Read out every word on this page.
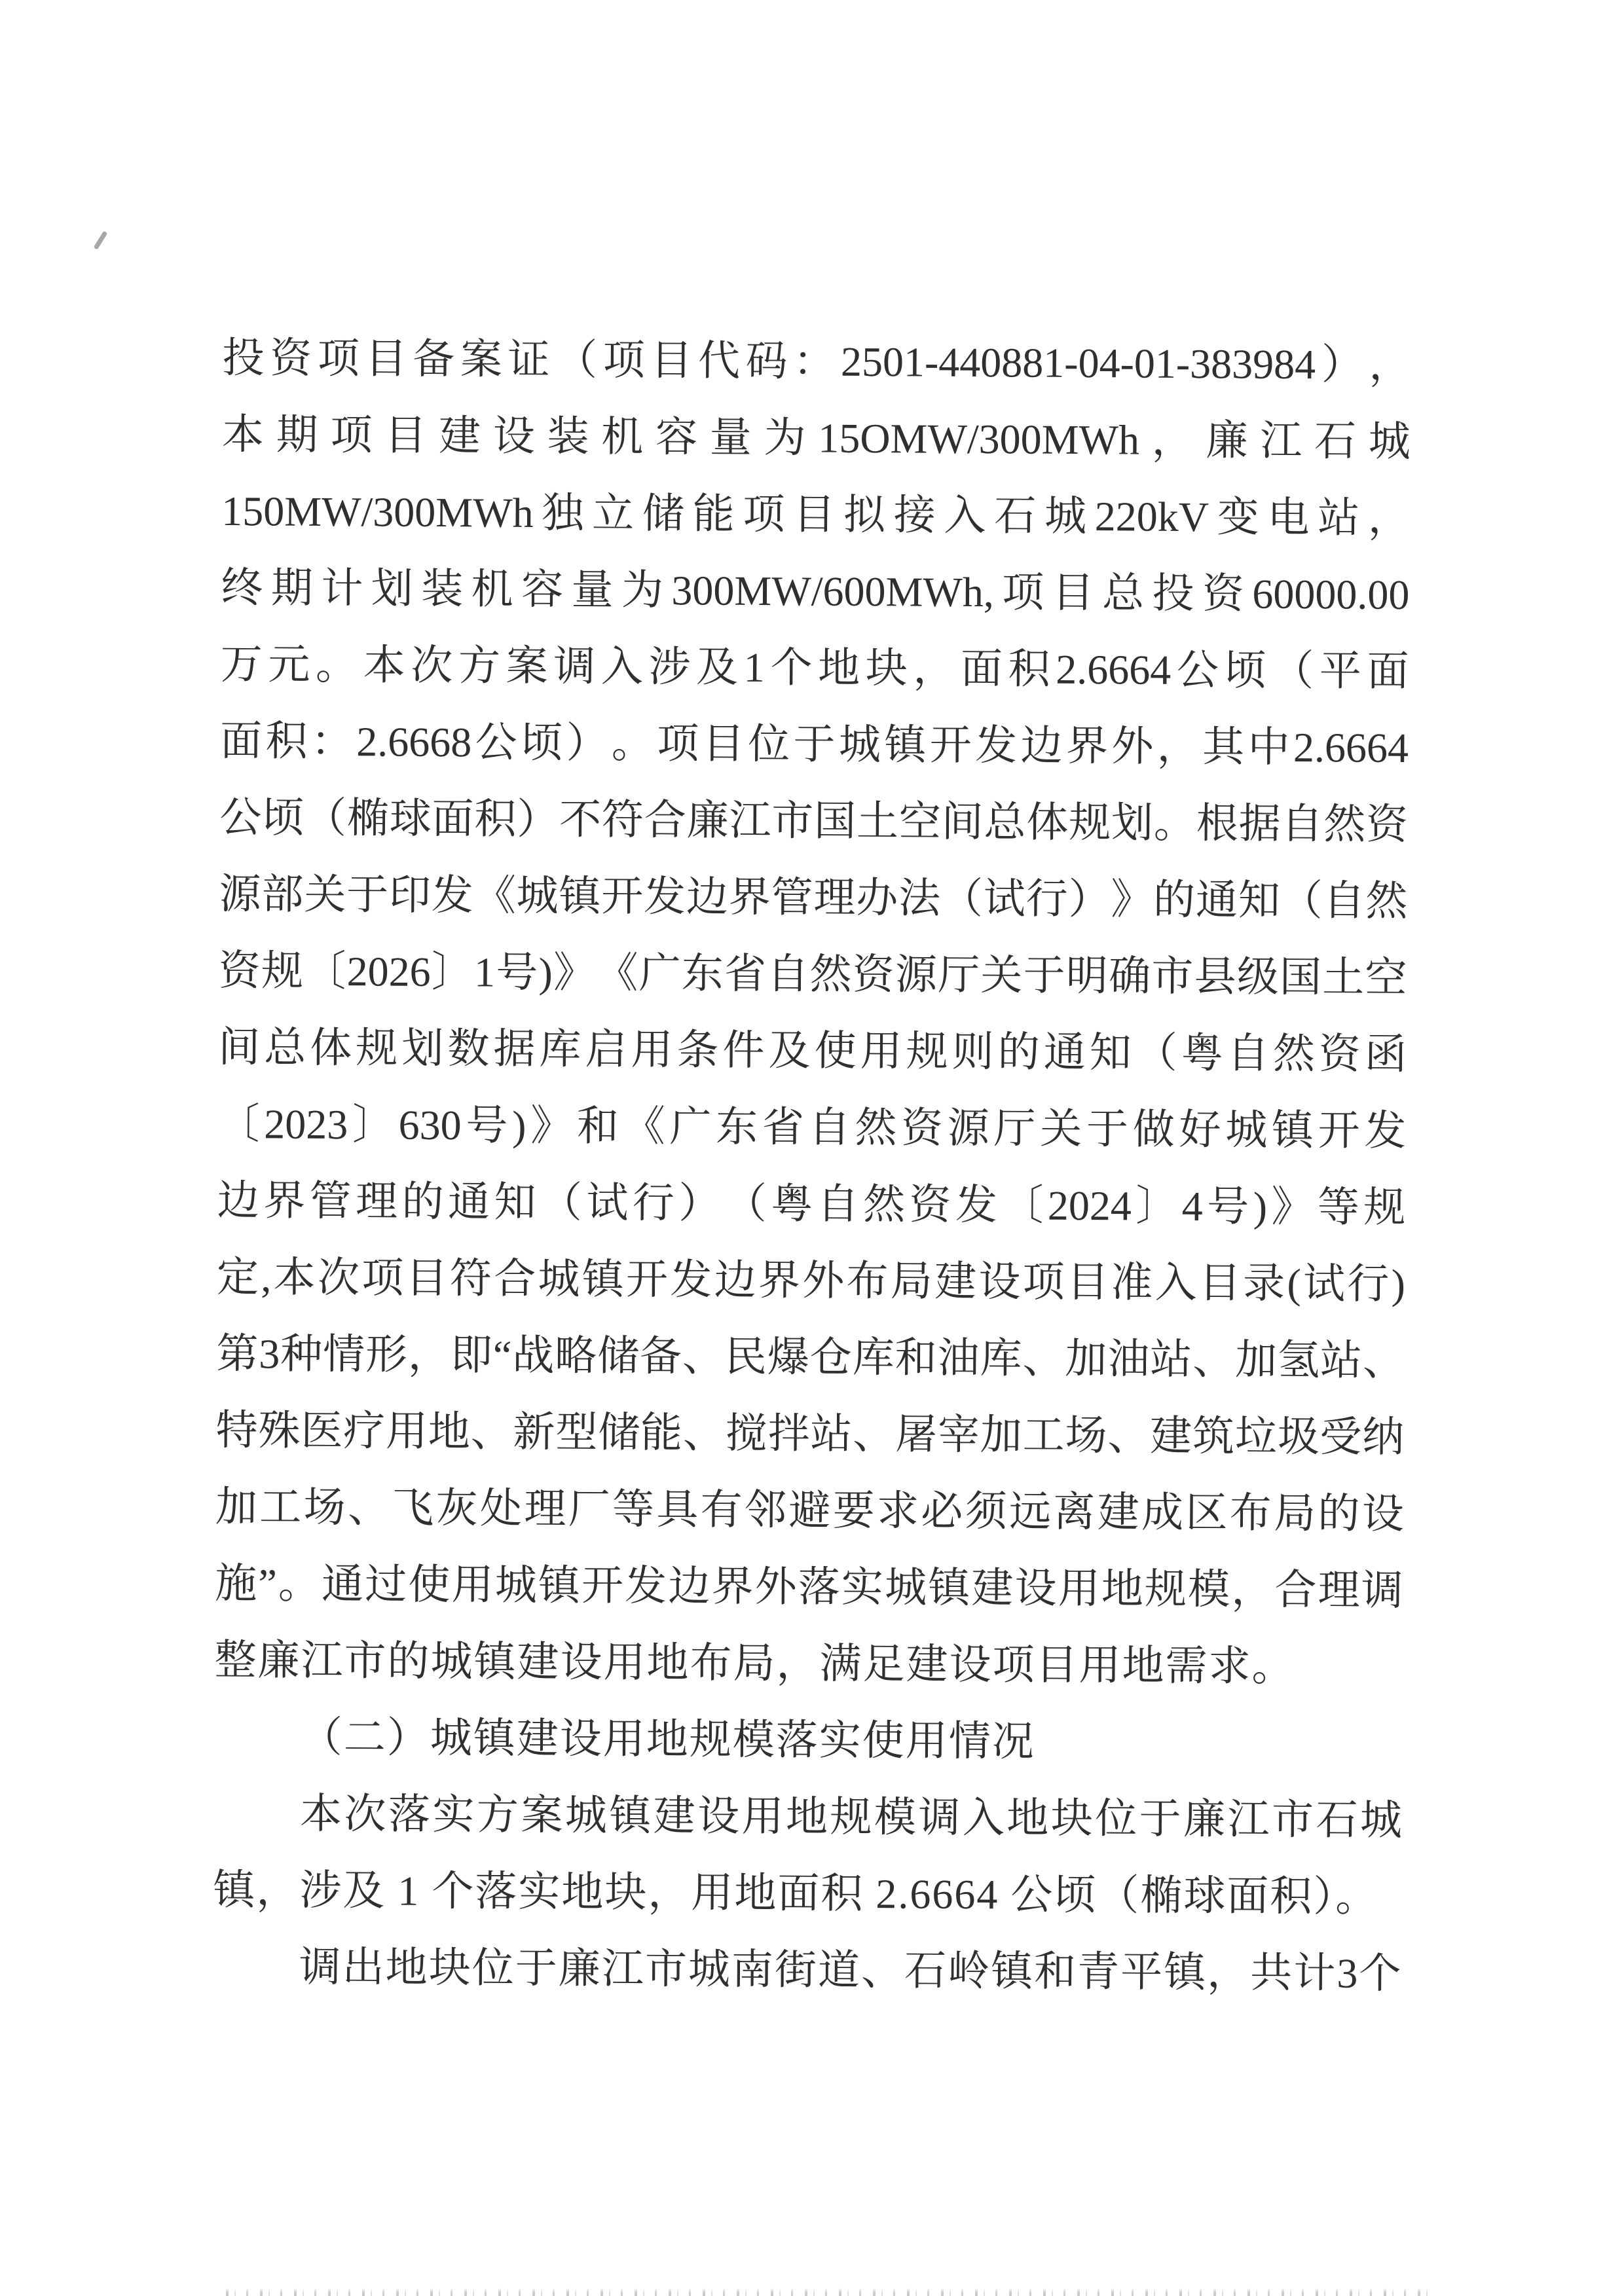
投 资 项 目 备 案 证 （ 项 目 代 码 ： 2501-440881-04-01-383984 ） ，
本 期 项 目 建 设 装 机 容 量 为 15OMW/300MWh ， 廉 江 石 城
150MW/300MWh 独 立 储 能 项 目 拟 接 入 石 城 220kV 变 电 站 ，
终 期 计 划 装 机 容 量 为 300MW/600MWh, 项 目 总 投 资 60000.00
万 元 。 本 次 方 案 调 入 涉 及 1 个 地 块 ， 面 积 2.6664 公 顷 （ 平 面
面 积 ： 2.6668 公 顷 ） 。 项 目 位 于 城 镇 开 发 边 界 外 ， 其 中 2.6664
公 顷 （ 椭 球 面 积 ） 不 符 合 廉 江 市 国 土 空 间 总 体 规 划 。 根 据 自 然 资
源 部 关 于 印 发 《 城 镇 开 发 边 界 管 理 办 法 （ 试 行 ） 》 的 通 知 （ 自 然
资 规 〔 2026 〕 1 号 ) 》 《 广 东 省 自 然 资 源 厅 关 于 明 确 市 县 级 国 土 空
间 总 体 规 划 数 据 库 启 用 条 件 及 使 用 规 则 的 通 知 （ 粤 自 然 资 函
〔 2023 〕 630 号 ) 》 和 《 广 东 省 自 然 资 源 厅 关 于 做 好 城 镇 开 发
边 界 管 理 的 通 知 （ 试 行 ） （ 粤 自 然 资 发 〔 2024 〕 4 号 ) 》 等 规
定 , 本 次 项 目 符 合 城 镇 开 发 边 界 外 布 局 建 设 项 目 准 入 目 录 ( 试 行 )
第 3 种 情 形 ， 即 “ 战 略 储 备 、 民 爆 仓 库 和 油 库 、 加 油 站 、 加 氢 站 、
特 殊 医 疗 用 地 、 新 型 储 能 、 搅 拌 站 、 屠 宰 加 工 场 、 建 筑 垃 圾 受 纳
加 工 场 、 飞 灰 处 理 厂 等 具 有 邻 避 要 求 必 须 远 离 建 成 区 布 局 的 设
施 ” 。 通 过 使 用 城 镇 开 发 边 界 外 落 实 城 镇 建 设 用 地 规 模 ， 合 理 调
整廉江市的城镇建设用地布局，满足建设项目用地需求。
（二）城镇建设用地规模落实使用情况
本 次 落 实 方 案 城 镇 建 设 用 地 规 模 调 入 地 块 位 于 廉 江 市 石 城
镇，涉及 1 个落实地块，用地面积 2.6664 公顷（椭球面积）。
调 出 地 块 位 于 廉 江 市 城 南 街 道 、 石 岭 镇 和 青 平 镇 ， 共 计 3 个
